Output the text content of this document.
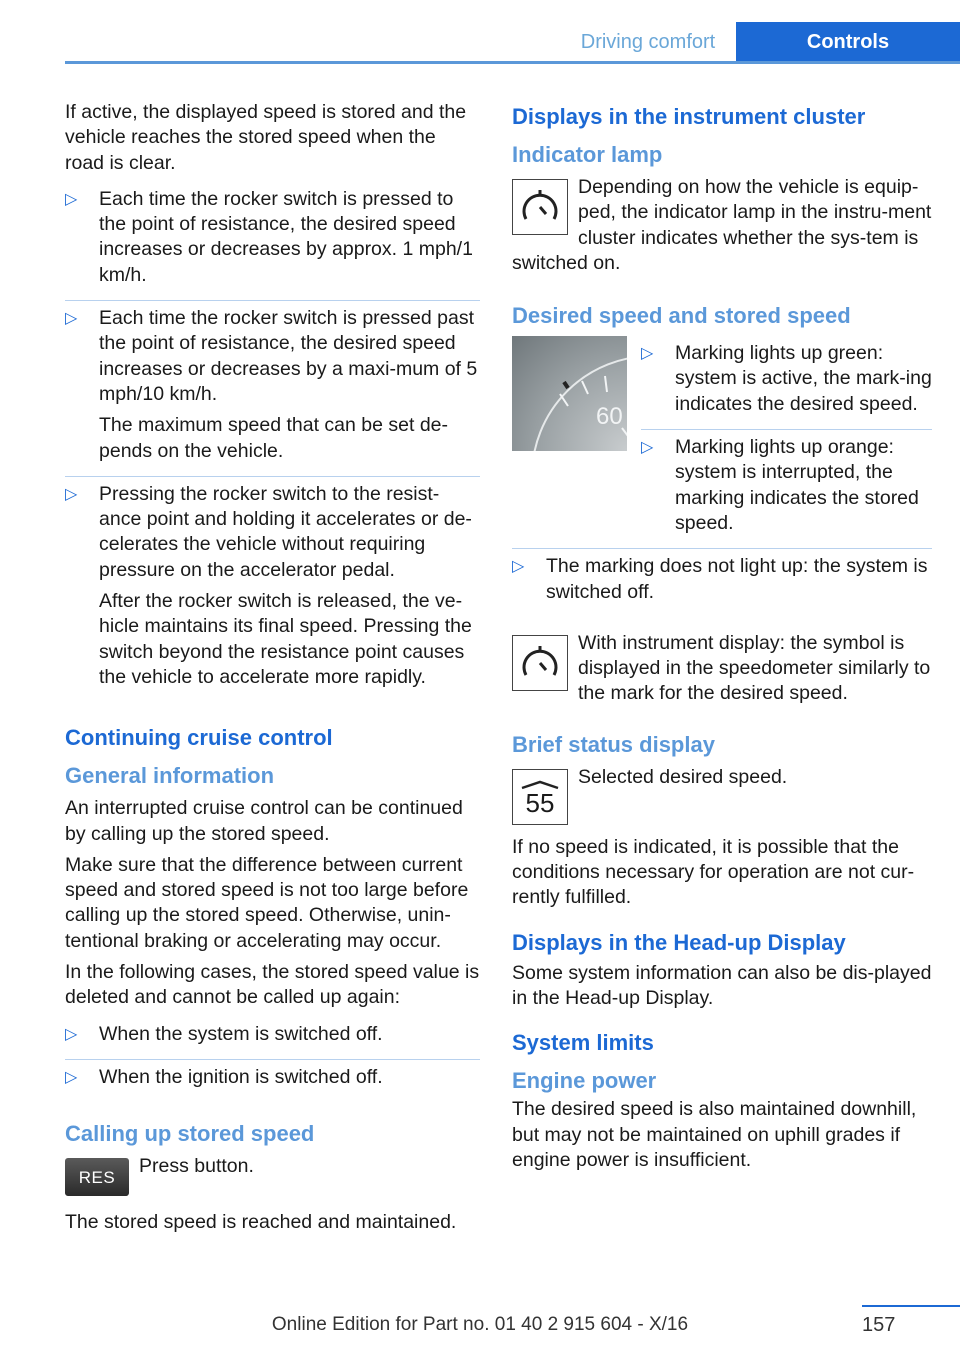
Driving comfort	Controls

If active, the displayed speed is stored and the vehicle reaches the stored speed when the road is clear.

▷ Each time the rocker switch is pressed to the point of resistance, the desired speed increases or decreases by approx. 1 mph/1 km/h.

▷ Each time the rocker switch is pressed past the point of resistance, the desired speed increases or decreases by a maxi‐mum of 5 mph/10 km/h.

The maximum speed that can be set de‐pends on the vehicle.

▷ Pressing the rocker switch to the resist‐ance point and holding it accelerates or de‐celerates the vehicle without requiring pressure on the accelerator pedal.

After the rocker switch is released, the ve‐hicle maintains its final speed. Pressing the switch beyond the resistance point causes the vehicle to accelerate more rapidly.

Continuing cruise control
General information

An interrupted cruise control can be continued by calling up the stored speed.

Make sure that the difference between current speed and stored speed is not too large before calling up the stored speed. Otherwise, unin‐tentional braking or accelerating may occur.

In the following cases, the stored speed value is deleted and cannot be called up again:

▷ When the system is switched off.

▷ When the ignition is switched off.

Calling up stored speed
RES	Press button.

The stored speed is reached and maintained.

Displays in the instrument cluster
Indicator lamp

Depending on how the vehicle is equip‐ped, the indicator lamp in the instru‐ment cluster indicates whether the sys‐tem is switched on.

Desired speed and stored speed
60
▷ Marking lights up green: system is active, the mark‐ing indicates the desired speed.

▷ Marking lights up orange: system is interrupted, the marking indicates the stored speed.

▷ The marking does not light up: the system is switched off.

With instrument display: the symbol is displayed in the speedometer similarly to the mark for the desired speed.

Brief status display
55

Selected desired speed.

If no speed is indicated, it is possible that the conditions necessary for operation are not cur‐rently fulfilled.

Displays in the Head-up Display

Some system information can also be dis‐played in the Head-up Display.

System limits
Engine power

The desired speed is also maintained downhill, but may not be maintained on uphill grades if engine power is insufficient.

157
Online Edition for Part no. 01 40 2 915 604 - X/16
